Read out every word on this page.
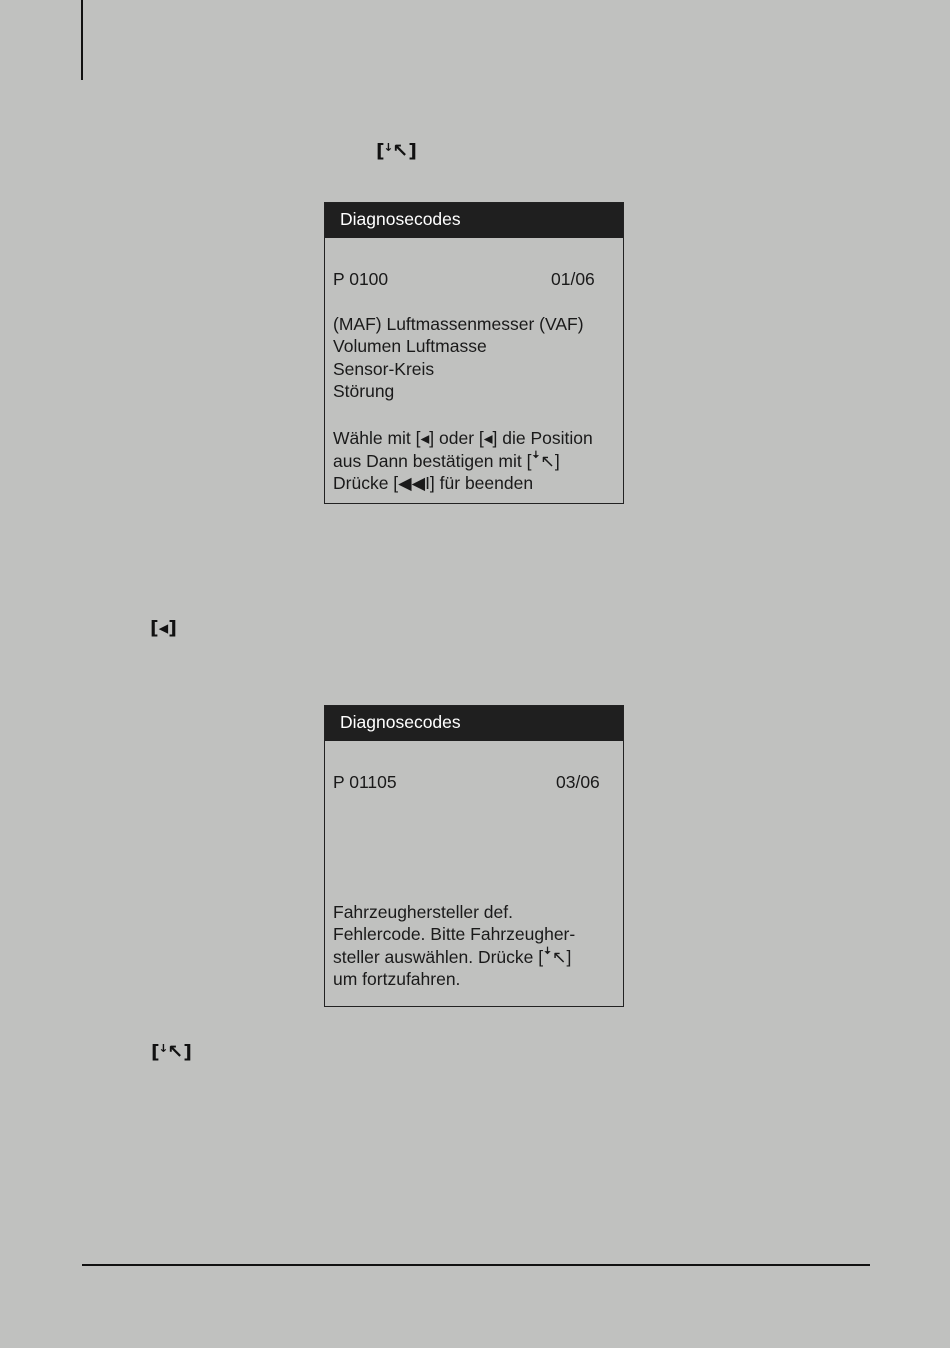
[ꜜ↖]
Diagnosecodes
P 0100	01/06
(MAF) Luftmassenmesser (VAF)
Volumen Luftmasse
Sensor-Kreis
Störung
Wähle mit [◂] oder [◂] die Position
aus Dann bestätigen mit [ꜜ↖]
Drücke [◀◀I] für beenden
[◂]
Diagnosecodes
P 01105	03/06
Fahrzeughersteller def.
Fehlercode. Bitte Fahrzeugher-
steller auswählen. Drücke [ꜜ↖]
um fortzufahren.
[ꜜ↖]
